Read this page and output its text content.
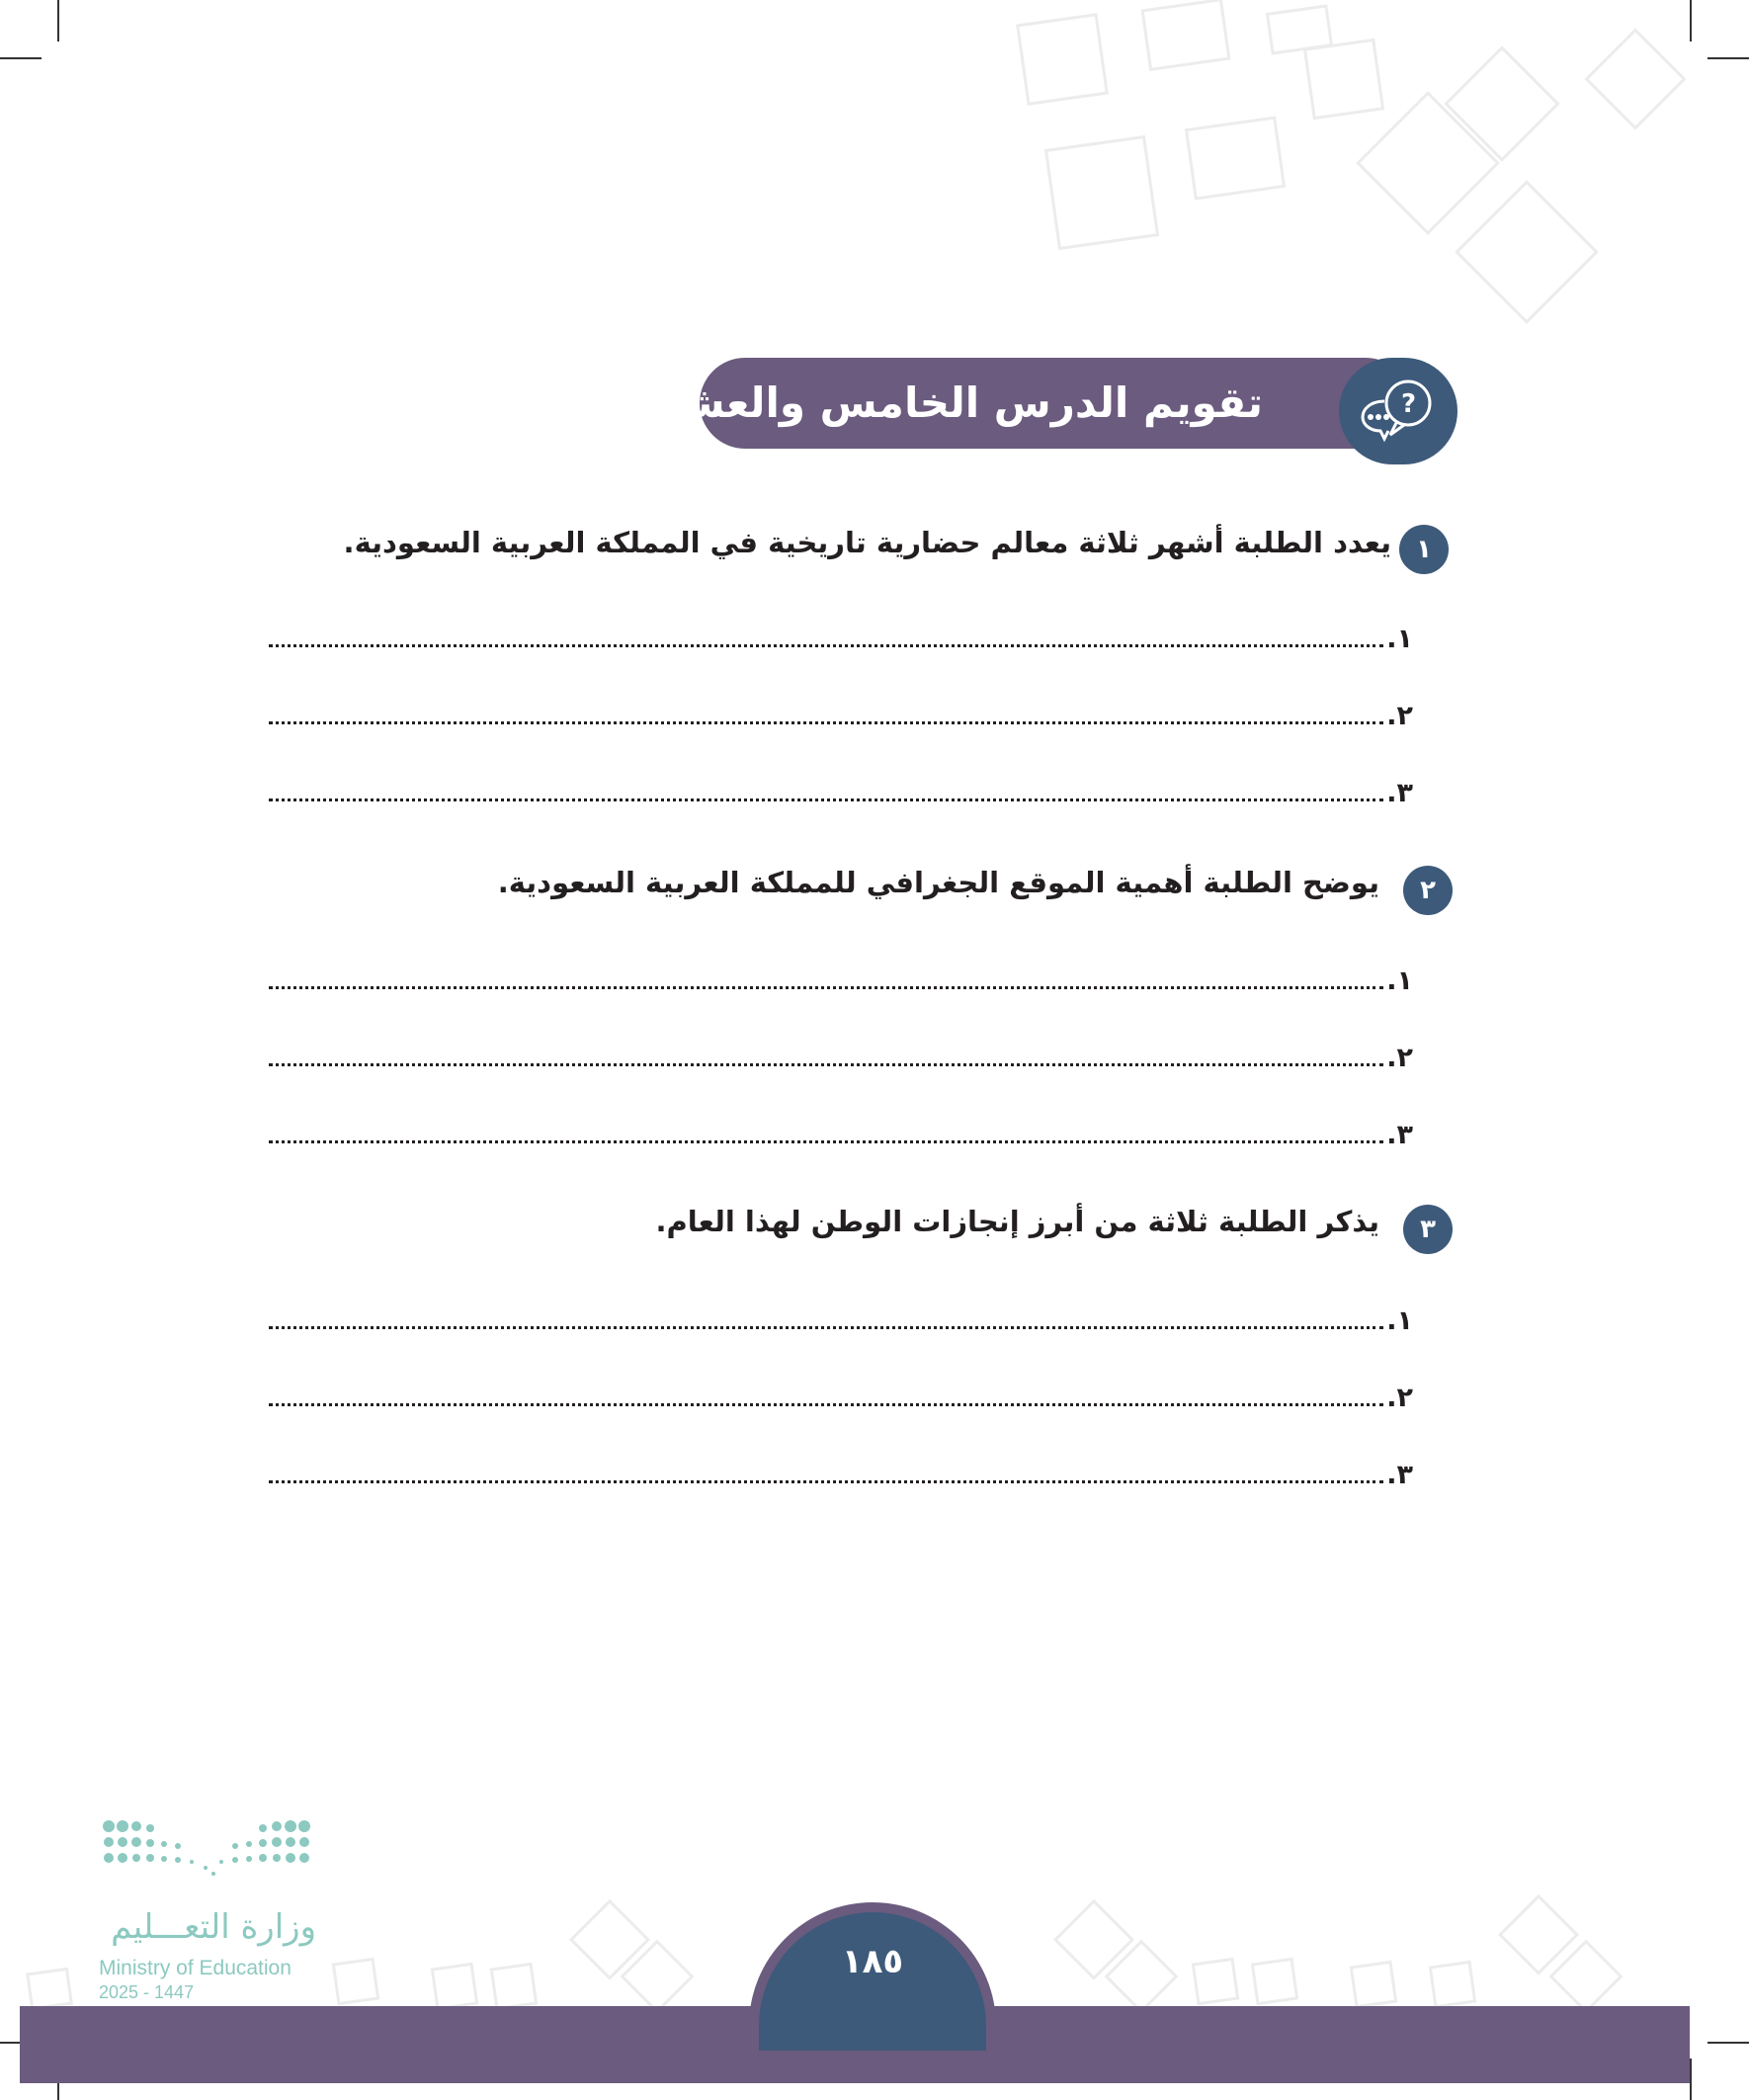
تقويم الدرس الخامس والعشرين	?
١
يعدد الطلبة أشهر ثلاثة معالم حضارية تاريخية في المملكة العربية السعودية.
١.
٢.
٣.
٢
يوضح الطلبة أهمية الموقع الجغرافي للمملكة العربية السعودية.
١.
٢.
٣.
٣
يذكر الطلبة ثلاثة من أبرز إنجازات الوطن لهذا العام.
١.
٢.
٣.
وزارة التعـــليم
Ministry of Education
2025 - 1447
١٨٥
